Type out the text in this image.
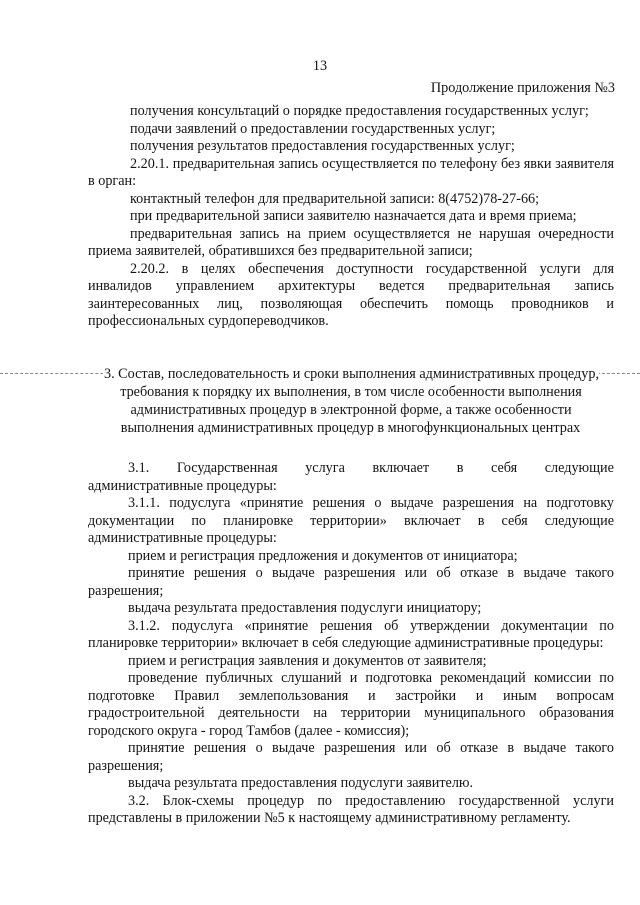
13
Продолжение приложения №3

получения консультаций о порядке предоставления государственных услуг;

подачи заявлений о предоставлении государственных услуг;

получения результатов предоставления государственных услуг;

2.20.1. предварительная запись осуществляется по телефону без явки заявителя в орган:

контактный телефон для предварительной записи: 8(4752)78-27-66;

при предварительной записи заявителю назначается дата и время приема;

предварительная запись на прием осуществляется не нарушая очередности приема заявителей, обратившихся без предварительной записи;

2.20.2. в целях обеспечения доступности государственной услуги для инвалидов управлением архитектуры ведется предварительная запись заинтересованных лиц, позволяющая обеспечить помощь проводников и профессиональных сурдопереводчиков.

3. Состав, последовательность и сроки выполнения административных процедур, требования к порядку их выполнения, в том числе особенности выполнения административных процедур в электронной форме, а также особенности выполнения административных процедур в многофункциональных центрах
3.1. Государственная услуга включает в себя следующие
административные процедуры:

3.1.1. подуслуга «принятие решения о выдаче разрешения на подготовку документации по планировке территории» включает в себя следующие административные процедуры:

прием и регистрация предложения и документов от инициатора;

принятие решения о выдаче разрешения или об отказе в выдаче такого разрешения;

выдача результата предоставления подуслуги инициатору;

3.1.2. подуслуга «принятие решения об утверждении документации по планировке территории» включает в себя следующие административные процедуры:

прием и регистрация заявления и документов от заявителя;

проведение публичных слушаний и подготовка рекомендаций комиссии по подготовке Правил землепользования и застройки и иным вопросам градостроительной деятельности на территории муниципального образования городского округа - город Тамбов (далее - комиссия);

принятие решения о выдаче разрешения или об отказе в выдаче такого разрешения;

выдача результата предоставления подуслуги заявителю.

3.2. Блок-схемы процедур по предоставлению государственной услуги представлены в приложении №5 к настоящему административному регламенту.
